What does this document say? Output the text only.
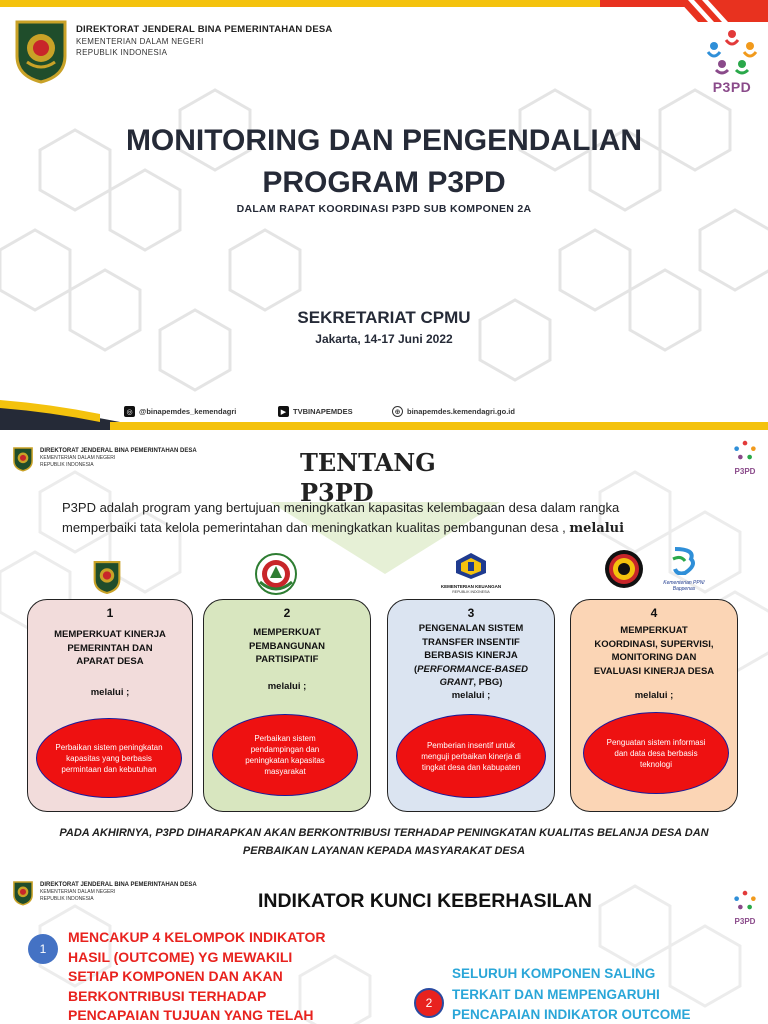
DIREKTORAT JENDERAL BINA PEMERINTAHAN DESA
KEMENTERIAN DALAM NEGERI
REPUBLIK INDONESIA
P3PD
MONITORING DAN PENGENDALIAN
PROGRAM P3PD
DALAM RAPAT KOORDINASI P3PD SUB KOMPONEN 2A
SEKRETARIAT CPMU
Jakarta, 14-17 Juni 2022
◎ @binapemdes_kemendagri	▶ TVBINAPEMDES	⊕ binapemdes.kemendagri.go.id
DIREKTORAT JENDERAL BINA PEMERINTAHAN DESA
KEMENTERIAN DALAM NEGERI
REPUBLIK INDONESIA
P3PD
TENTANG
P3PD
P3PD adalah program yang bertujuan meningkatkan kapasitas kelembagaan desa dalam rangka
memperbaiki tata kelola pemerintahan dan meningkatkan kualitas pembangunan desa , melalui
KEMENTERIAN KEUANGAN
REPUBLIK INDONESIA
Kementerian PPN/ Bappenas
1
MEMPERKUAT KINERJA
PEMERINTAH DAN
APARAT DESA
melalui ;
Perbaikan sistem peningkatan kapasitas yang berbasis permintaan dan kebutuhan
2
MEMPERKUAT
PEMBANGUNAN
PARTISIPATIF
melalui ;
Perbaikan sistem pendampingan dan peningkatan kapasitas masyarakat
3
PENGENALAN SISTEM
TRANSFER INSENTIF
BERBASIS KINERJA
(PERFORMANCE-BASED GRANT, PBG)
melalui ;
Pemberian insentif untuk menguji perbaikan kinerja di tingkat desa dan kabupaten
4
MEMPERKUAT
KOORDINASI, SUPERVISI,
MONITORING DAN
EVALUASI KINERJA DESA
melalui ;
Penguatan sistem informasi dan data desa berbasis teknologi
PADA AKHIRNYA, P3PD DIHARAPKAN AKAN BERKONTRIBUSI TERHADAP PENINGKATAN KUALITAS BELANJA DESA DAN
PERBAIKAN LAYANAN KEPADA MASYARAKAT DESA
DIREKTORAT JENDERAL BINA PEMERINTAHAN DESA
KEMENTERIAN DALAM NEGERI
REPUBLIK INDONESIA
P3PD
INDIKATOR KUNCI KEBERHASILAN
1
MENCAKUP 4 KELOMPOK INDIKATOR
HASIL (OUTCOME) YG MEWAKILI
SETIAP KOMPONEN DAN AKAN
BERKONTRIBUSI TERHADAP
PENCAPAIAN TUJUAN YANG TELAH
2
SELURUH KOMPONEN SALING
TERKAIT DAN MEMPENGARUHI
PENCAPAIAN INDIKATOR OUTCOME
